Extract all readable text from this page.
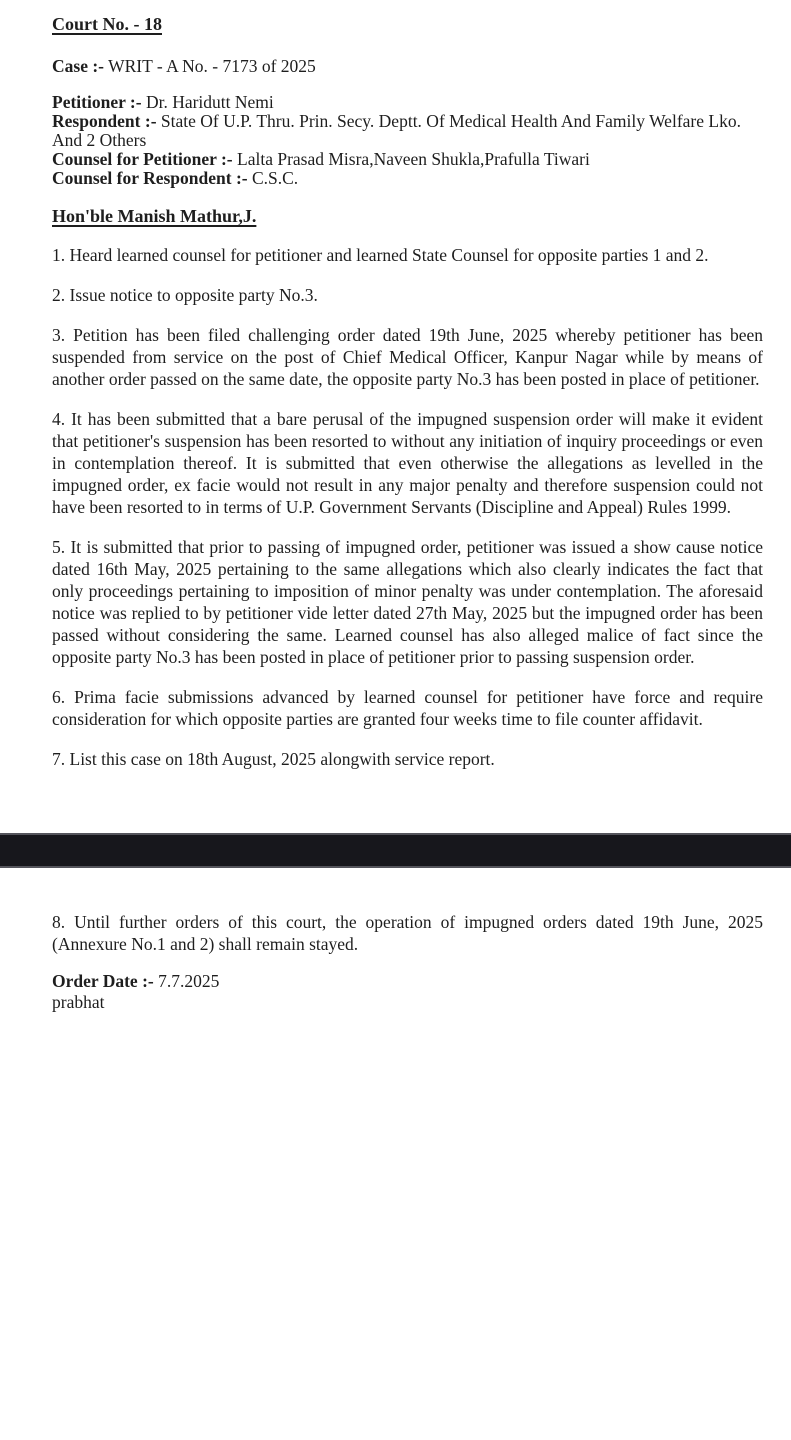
Court No. - 18

Case :- WRIT - A No. - 7173 of 2025

Petitioner :- Dr. Haridutt Nemi
Respondent :- State Of U.P. Thru. Prin. Secy. Deptt. Of Medical Health And Family Welfare Lko. And 2 Others
Counsel for Petitioner :- Lalta Prasad Misra,Naveen Shukla,Prafulla Tiwari
Counsel for Respondent :- C.S.C.
Hon'ble Manish Mathur,J.

1. Heard learned counsel for petitioner and learned State Counsel for opposite parties 1 and 2.

2. Issue notice to opposite party No.3.

3. Petition has been filed challenging order dated 19th June, 2025 whereby petitioner has been suspended from service on the post of Chief Medical Officer, Kanpur Nagar while by means of another order passed on the same date, the opposite party No.3 has been posted in place of petitioner.

4. It has been submitted that a bare perusal of the impugned suspension order will make it evident that petitioner's suspension has been resorted to without any initiation of inquiry proceedings or even in contemplation thereof. It is submitted that even otherwise the allegations as levelled in the impugned order, ex facie would not result in any major penalty and therefore suspension could not have been resorted to in terms of U.P. Government Servants (Discipline and Appeal) Rules 1999.

5. It is submitted that prior to passing of impugned order, petitioner was issued a show cause notice dated 16th May, 2025 pertaining to the same allegations which also clearly indicates the fact that only proceedings pertaining to imposition of minor penalty was under contemplation. The aforesaid notice was replied to by petitioner vide letter dated 27th May, 2025 but the impugned order has been passed without considering the same. Learned counsel has also alleged malice of fact since the opposite party No.3 has been posted in place of petitioner prior to passing suspension order.

6. Prima facie submissions advanced by learned counsel for petitioner have force and require consideration for which opposite parties are granted four weeks time to file counter affidavit.

7. List this case on 18th August, 2025 alongwith service report.

8. Until further orders of this court, the operation of impugned orders dated 19th June, 2025 (Annexure No.1 and 2) shall remain stayed.

Order Date :- 7.7.2025

prabhat
